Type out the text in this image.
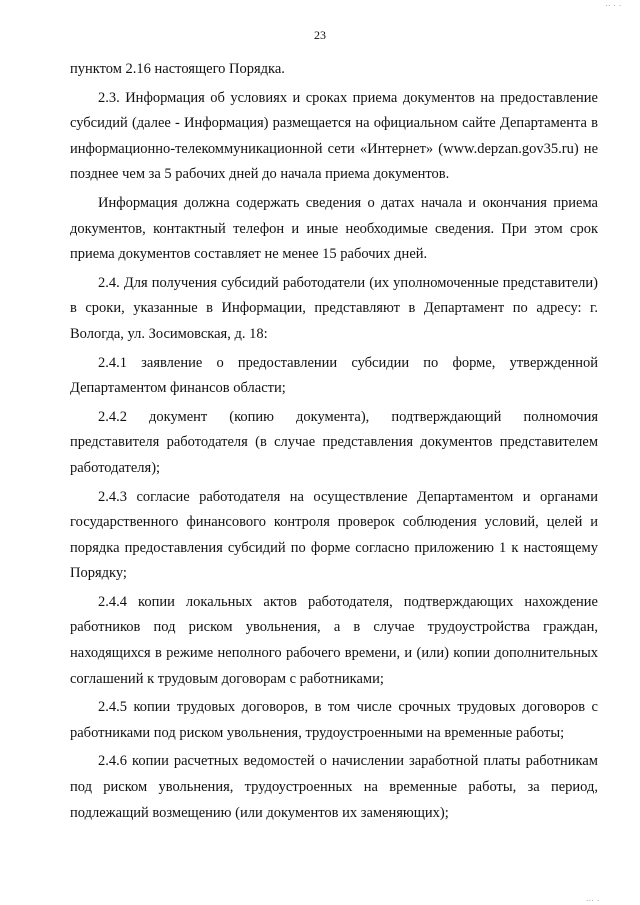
.. . .
23

пунктом 2.16 настоящего Порядка.

2.3. Информация об условиях и сроках приема документов на предоставление субсидий (далее - Информация) размещается на официальном сайте Департамента в информационно-телекоммуникационной сети «Интернет» (www.depzan.gov35.ru) не позднее чем за 5 рабочих дней до начала приема документов.

Информация должна содержать сведения о датах начала и окончания приема документов, контактный телефон и иные необходимые сведения. При этом срок приема документов составляет не менее 15 рабочих дней.

2.4. Для получения субсидий работодатели (их уполномоченные представители) в сроки, указанные в Информации, представляют в Департамент по адресу: г. Вологда, ул. Зосимовская, д. 18:

2.4.1 заявление о предоставлении субсидии по форме, утвержденной Департаментом финансов области;

2.4.2 документ (копию документа), подтверждающий полномочия представителя работодателя (в случае представления документов представителем работодателя);

2.4.3 согласие работодателя на осуществление Департаментом и органами государственного финансового контроля проверок соблюдения условий, целей и порядка предоставления субсидий по форме согласно приложению 1 к настоящему Порядку;

2.4.4 копии локальных актов работодателя, подтверждающих нахождение работников под риском увольнения, а в случае трудоустройства граждан, находящихся в режиме неполного рабочего времени, и (или) копии дополнительных соглашений к трудовым договорам с работниками;

2.4.5 копии трудовых договоров, в том числе срочных трудовых договоров с работниками под риском увольнения, трудоустроенными на временные работы;

2.4.6 копии расчетных ведомостей о начислении заработной платы работникам под риском увольнения, трудоустроенных на временные работы, за период, подлежащий возмещению (или документов их заменяющих);

... .
